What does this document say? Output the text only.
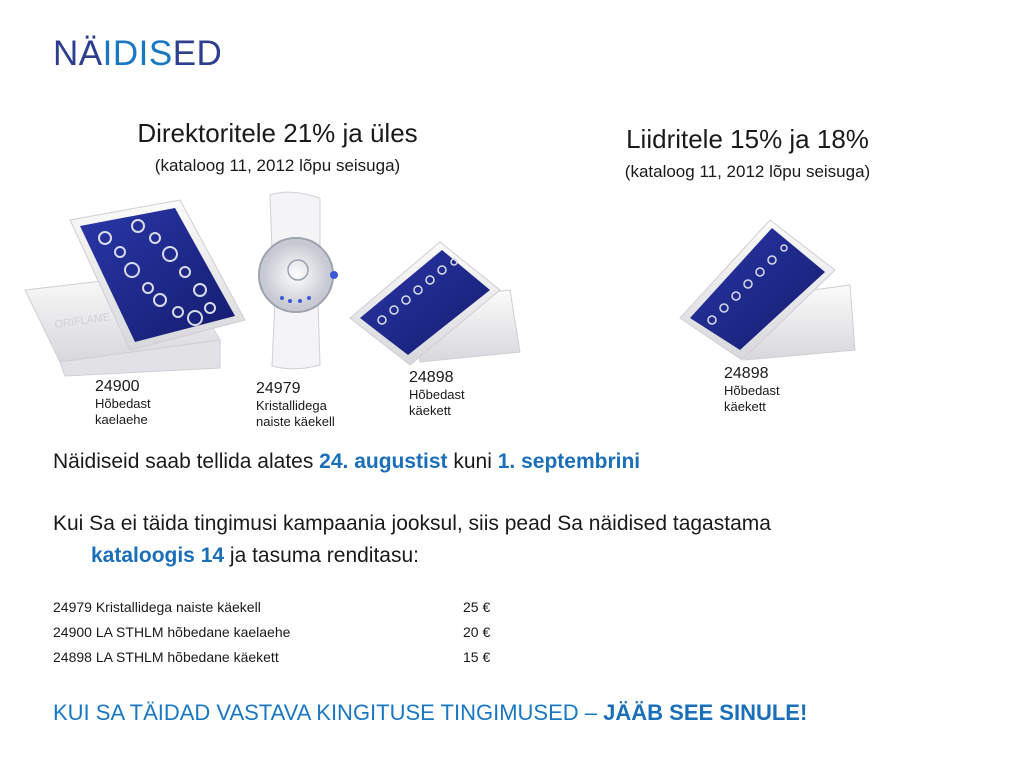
NÄIDISED
Direktoritele 21% ja üles
(kataloog 11, 2012 lõpu seisuga)
Liidritele 15% ja 18%
(kataloog 11, 2012 lõpu seisuga)
ORIFLAME
24900
Hõbedast
kaelaehe
24979
Kristallidega
naiste käekell
24898
Hõbedast
käekett
24898
Hõbedast
käekett
Näidiseid saab tellida alates 24. augustist kuni 1. septembrini
Kui Sa ei täida tingimusi kampaania jooksul, siis pead Sa näidised tagastama
kataloogis 14 ja tasuma renditasu:
24979 Kristallidega naiste käekell	25 €
24900 LA STHLM hõbedane kaelaehe	20 €
24898 LA STHLM hõbedane käekett	15 €
KUI SA TÄIDAD VASTAVA KINGITUSE TINGIMUSED – JÄÄB SEE SINULE!
